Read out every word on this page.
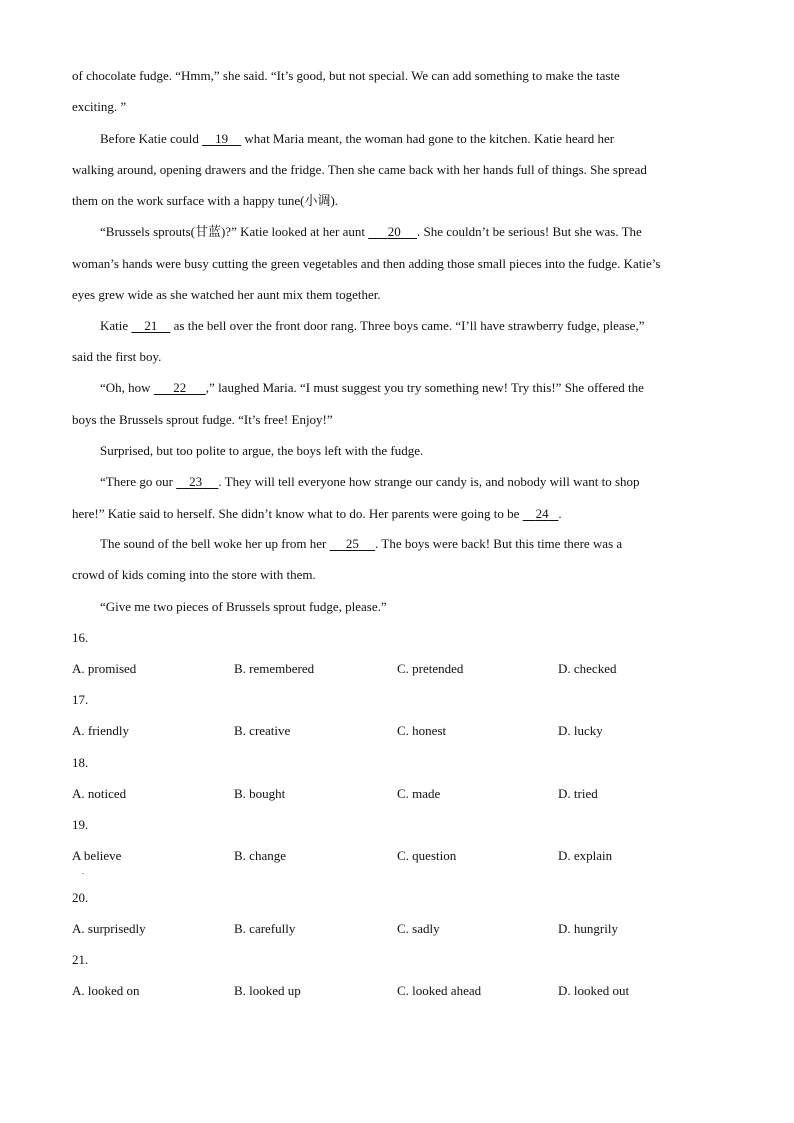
of chocolate fudge. “Hmm,” she said. “It’s good, but not special. We can add something to make the taste
exciting. ”
Before Katie could     19     what Maria meant, the woman had gone to the kitchen. Katie heard her
walking around, opening drawers and the fridge. Then she came back with her hands full of things. She spread
them on the work surface with a happy tune(小调).
“Brussels sprouts(甘蓝)?” Katie looked at her aunt       20 . She couldn’t be serious! But she was. The
woman’s hands were busy cutting the green vegetables and then adding those small pieces into the fudge. Katie’s
eyes grew wide as she watched her aunt mix them together.
Katie     21     as the bell over the front door rang. Three boys came. “I’ll have strawberry fudge, please,”
said the first boy.
“Oh, how       22 ,” laughed Maria. “I must suggest you try something new! Try this!” She offered the
boys the Brussels sprout fudge. “It’s free! Enjoy!”
Surprised, but too polite to argue, the boys left with the fudge.
“There go our     23 . They will tell everyone how strange our candy is, and nobody will want to shop
here!” Katie said to herself. She didn’t know what to do. Her parents were going to be     24 .
The sound of the bell woke her up from her      25 . The boys were back! But this time there was a
crowd of kids coming into the store with them.
“Give me two pieces of Brussels sprout fudge, please.”
16.
A. promised	B. remembered	C. pretended	D. checked
17.
A. friendly	B. creative	C. honest	D. lucky
18.
A. noticed	B. bought	C. made	D. tried
19.
A believe	B. change	C. question	D. explain
.
20.
A. surprisedly	B. carefully	C. sadly	D. hungrily
21.
A. looked on	B. looked up	C. looked ahead	D. looked out
